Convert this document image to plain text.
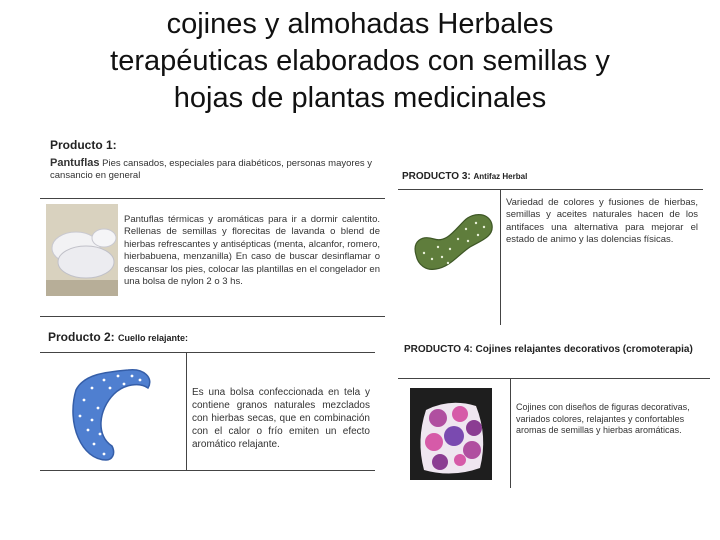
cojines y almohadas Herbales
terapéuticas elaborados con semillas y
hojas de plantas medicinales
Producto 1:
Pantuflas Pies cansados, especiales para diabéticos, personas mayores y
cansancio en general
Pantuflas térmicas y aromáticas para ir a dormir calentito. Rellenas de semillas y florecitas de lavanda o blend de hierbas refrescantes y antisépticas (menta, alcanfor, romero, hierbabuena, menzanilla) En caso de buscar desinflamar o descansar los pies, colocar las plantillas en el congelador en una bolsa de nylon 2 o 3 hs.
Producto 2: Cuello relajante:
Es una bolsa confeccionada en tela y contiene granos naturales mezclados con hierbas secas, que en combinación con el calor o frío emiten un efecto aromático relajante.
PRODUCTO 3: Antifaz Herbal
Variedad de colores y fusiones de hierbas, semillas y aceites naturales hacen de los antifaces una alternativa para mejorar el estado de animo y las dolencias físicas.
PRODUCTO 4: Cojines relajantes decorativos (cromoterapia)
Cojines con diseños de figuras decorativas, variados colores, relajantes y confortables aromas de semillas y hierbas aromáticas.
